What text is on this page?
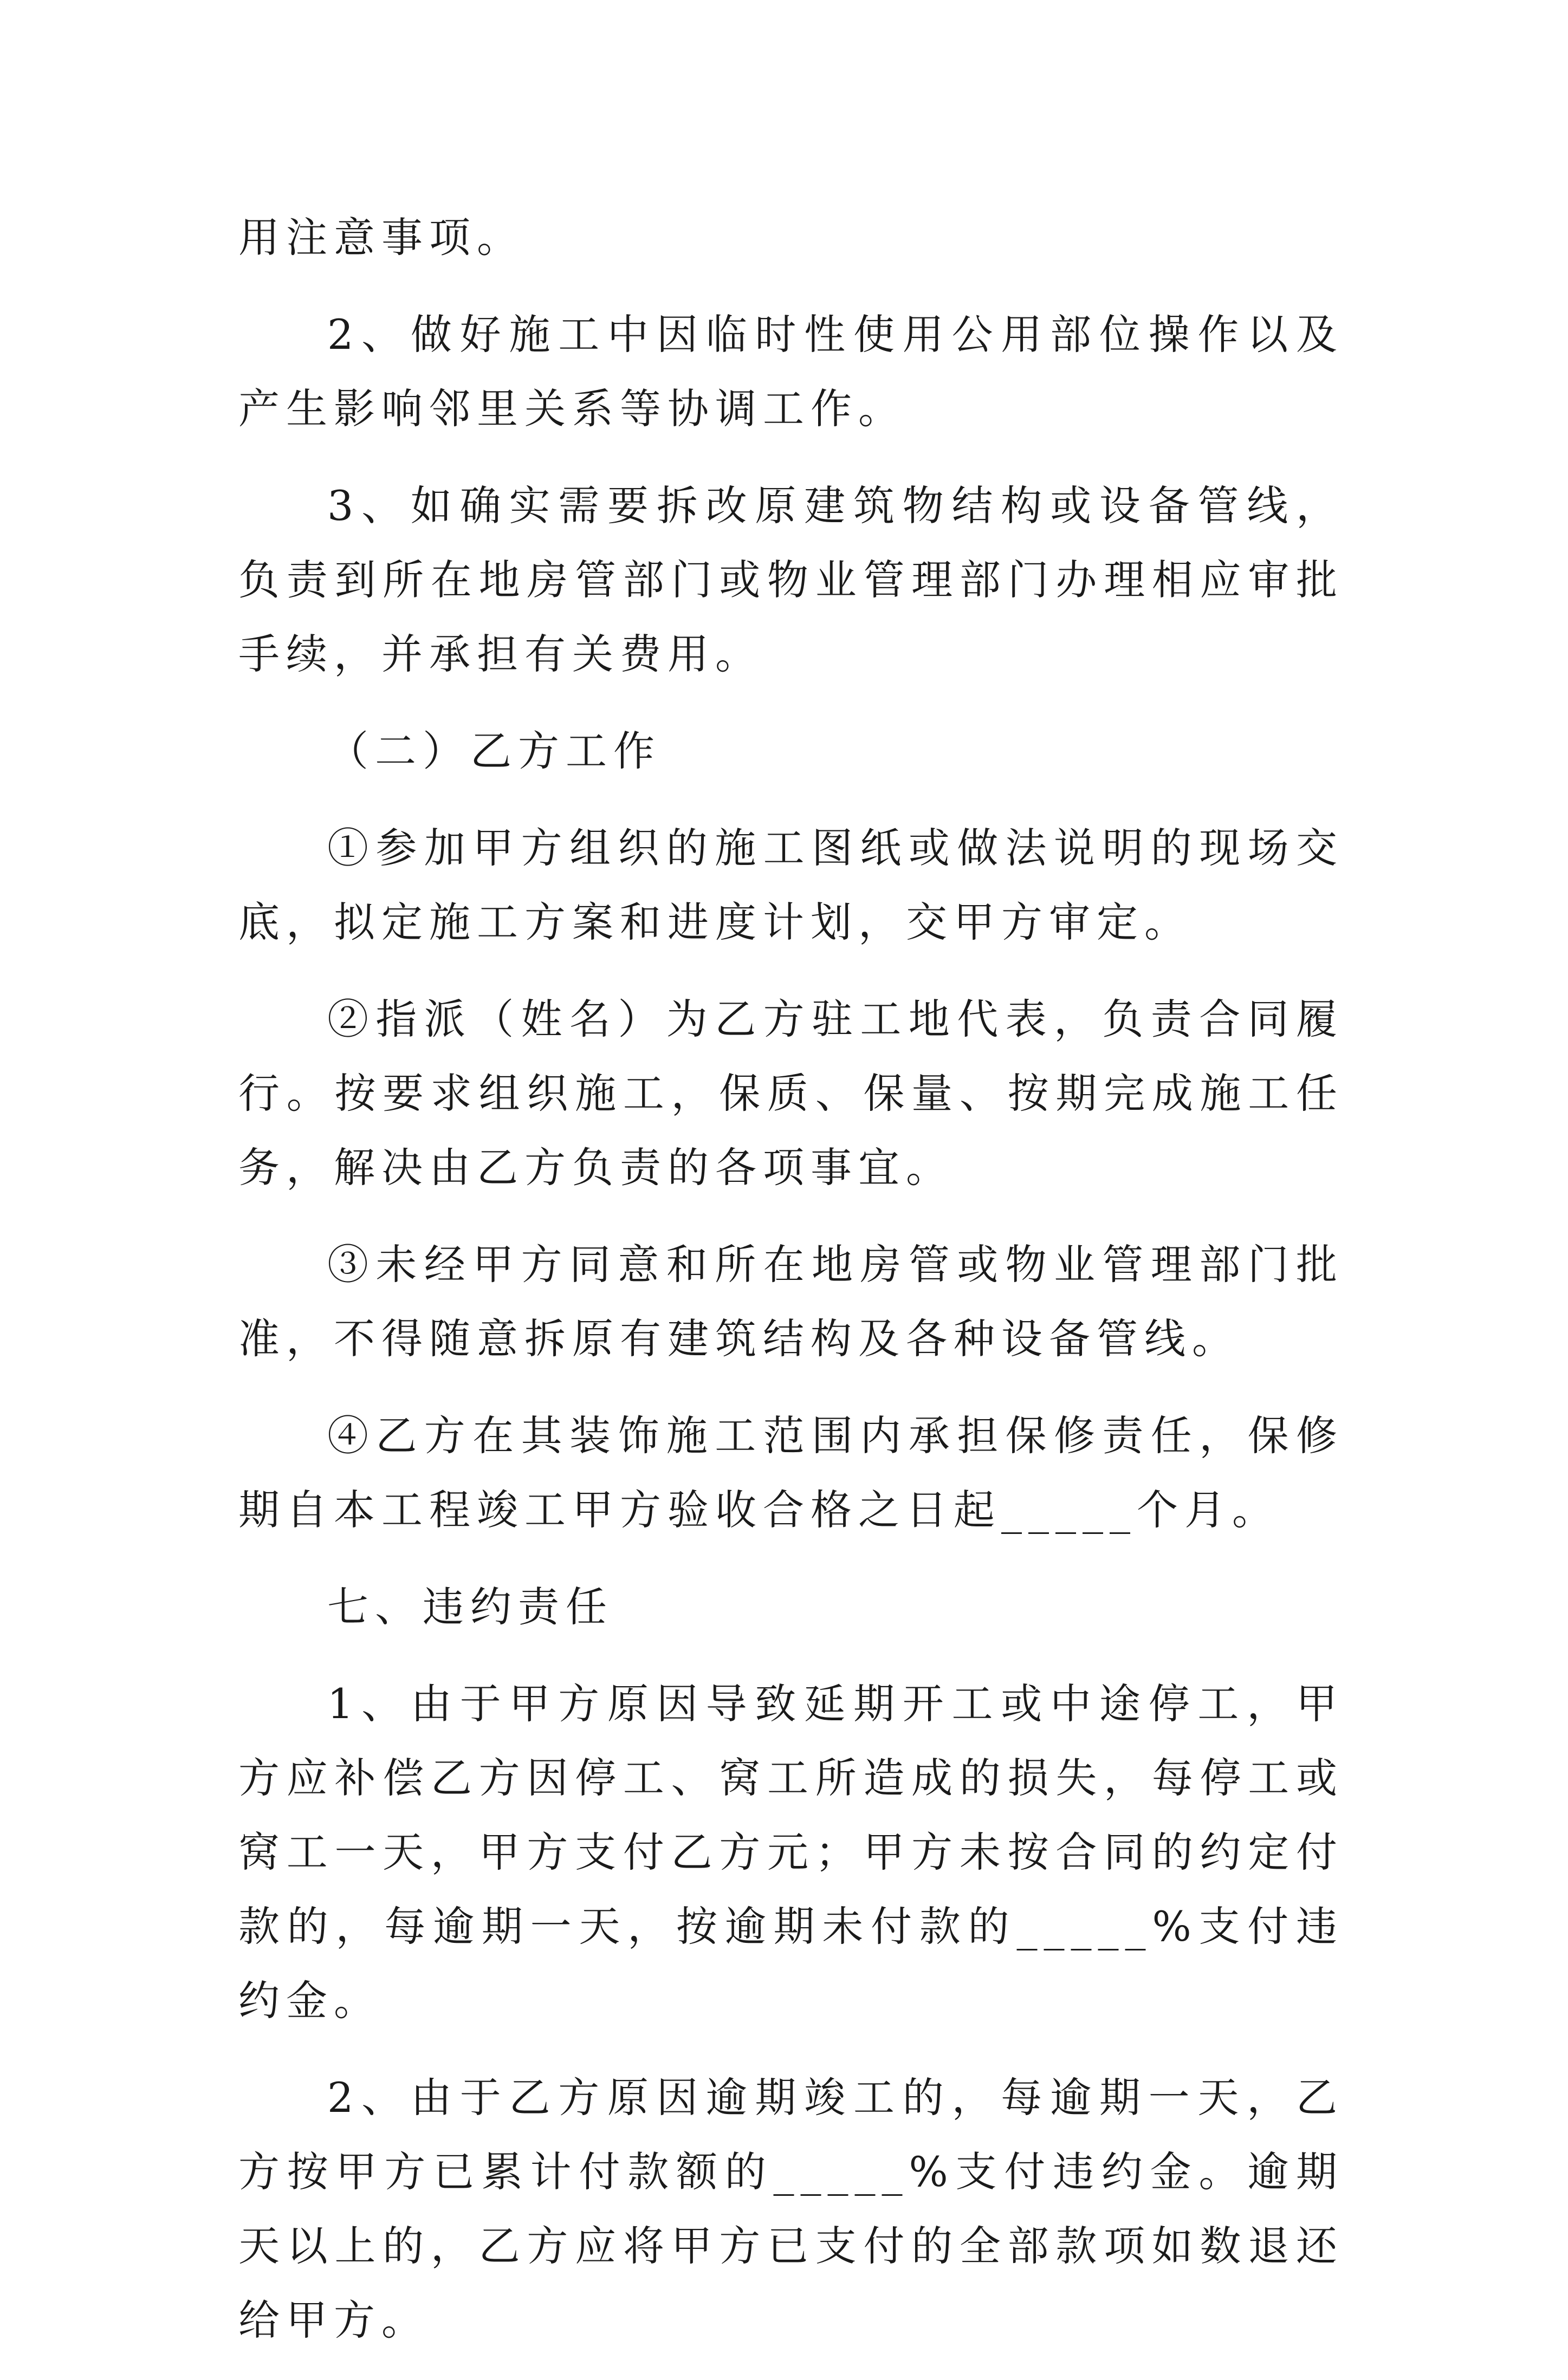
用注意事项。

2、做好施工中因临时性使用公用部位操作以及产生影响邻里关系等协调工作。

3、如确实需要拆改原建筑物结构或设备管线，负责到所在地房管部门或物业管理部门办理相应审批手续，并承担有关费用。

（二）乙方工作

①参加甲方组织的施工图纸或做法说明的现场交底，拟定施工方案和进度计划，交甲方审定。

②指派（姓名）为乙方驻工地代表，负责合同履行。按要求组织施工，保质、保量、按期完成施工任务，解决由乙方负责的各项事宜。

③未经甲方同意和所在地房管或物业管理部门批准，不得随意拆原有建筑结构及各种设备管线。

④乙方在其装饰施工范围内承担保修责任，保修期自本工程竣工甲方验收合格之日起_____个月。

七、违约责任

1、由于甲方原因导致延期开工或中途停工，甲方应补偿乙方因停工、窝工所造成的损失，每停工或窝工一天，甲方支付乙方元；甲方未按合同的约定付款的，每逾期一天，按逾期未付款的_____%支付违约金。

2、由于乙方原因逾期竣工的，每逾期一天，乙方按甲方已累计付款额的_____%支付违约金。逾期天以上的，乙方应将甲方已支付的全部款项如数退还给甲方。
